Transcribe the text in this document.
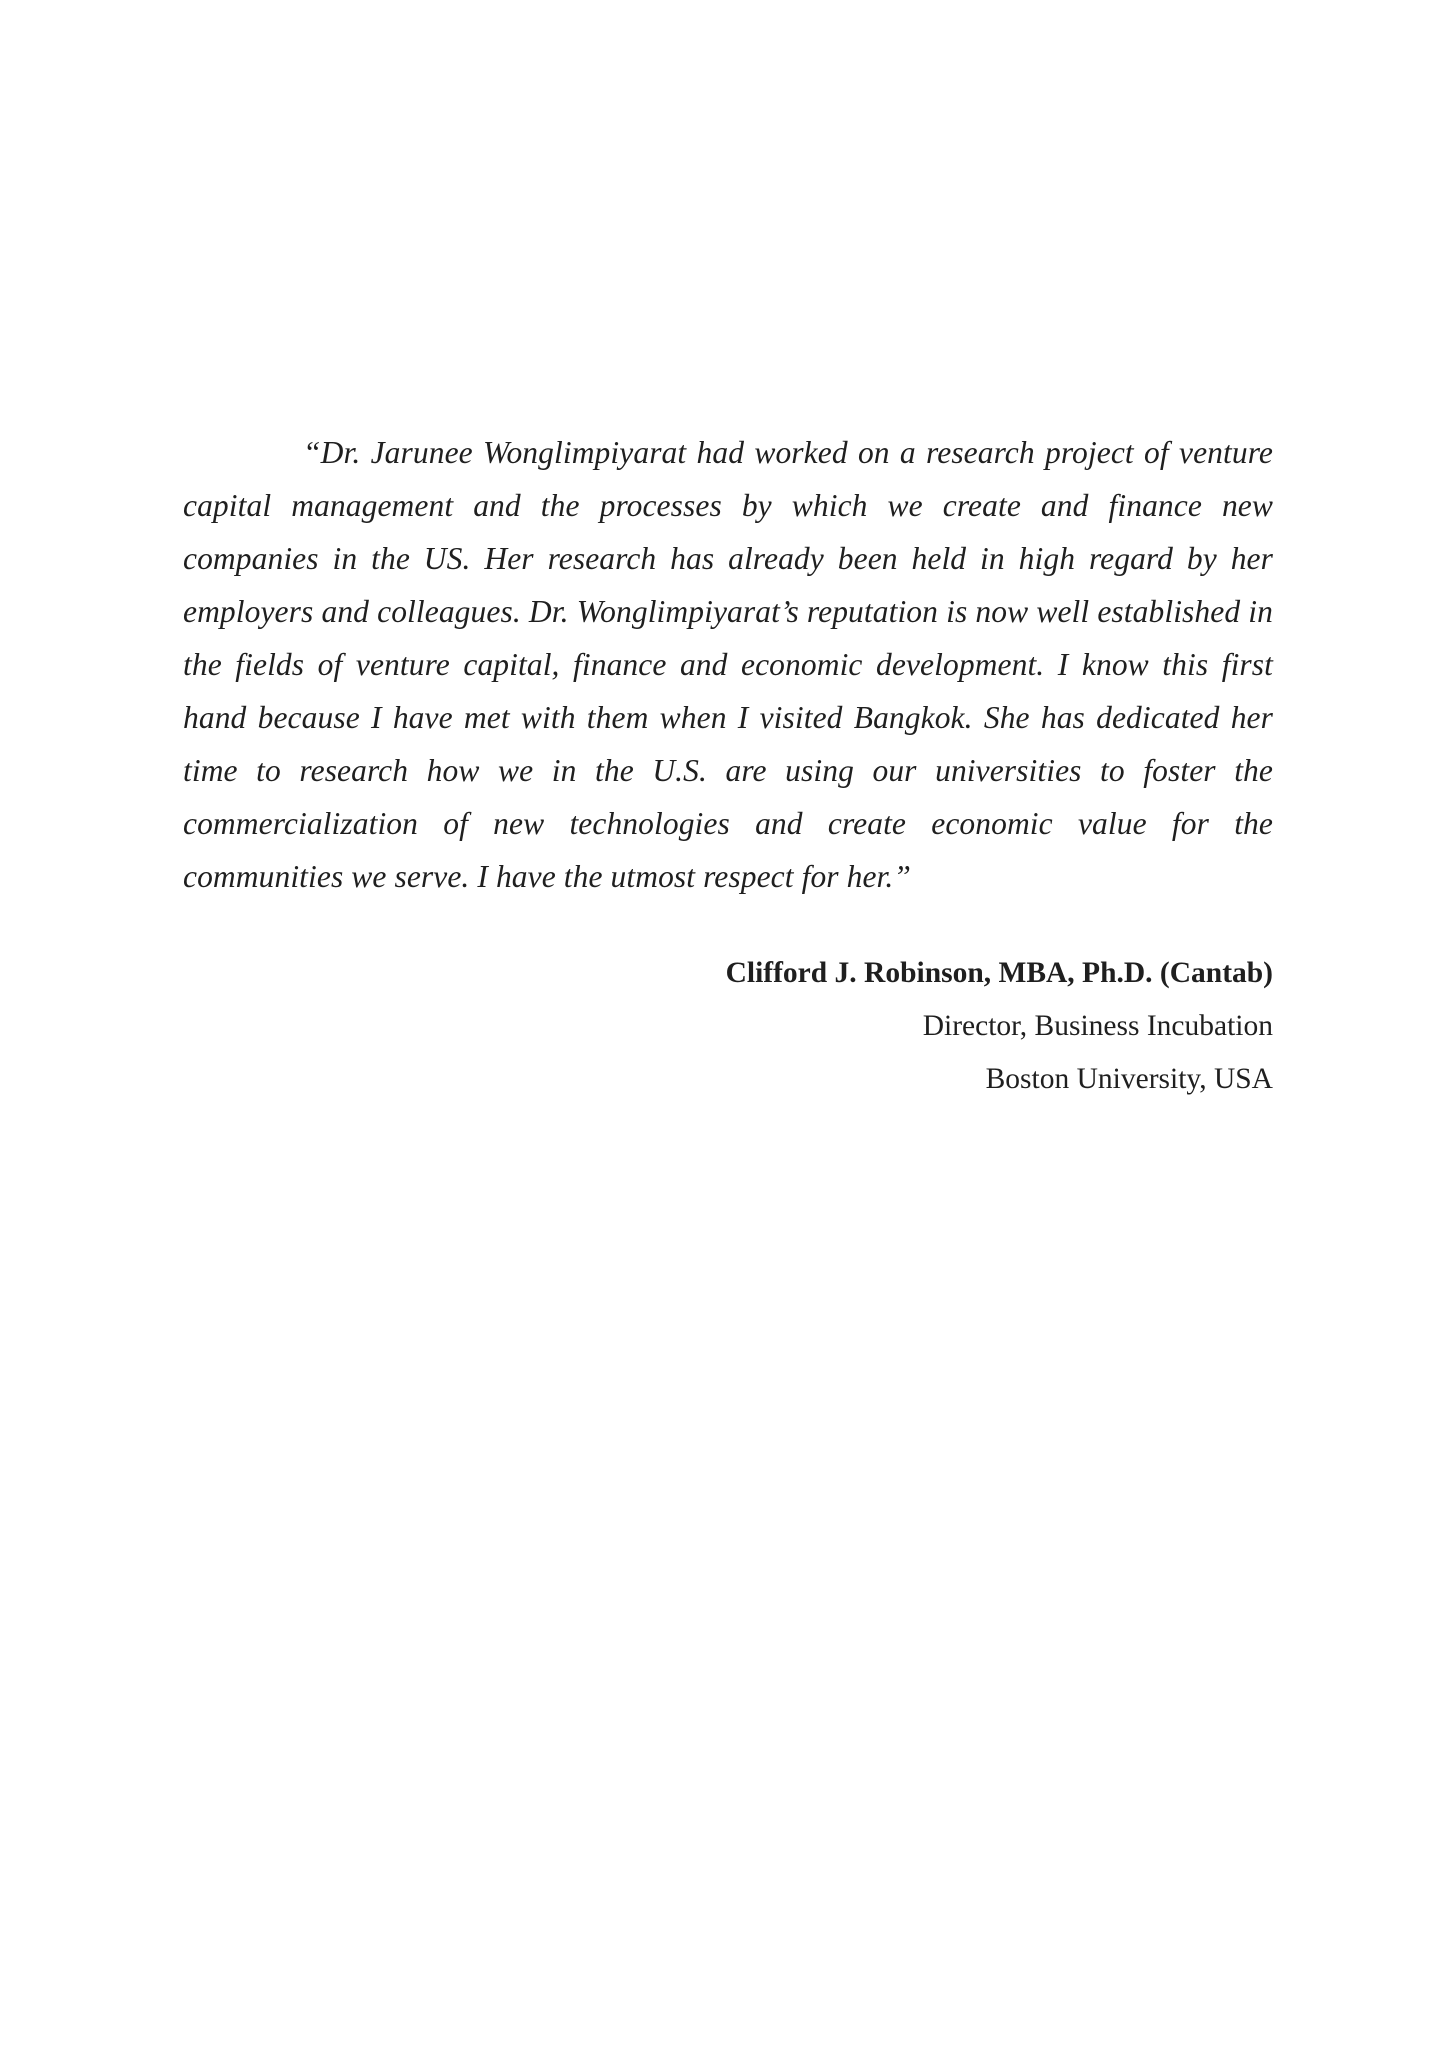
“Dr. Jarunee Wonglimpiyarat had worked on a research project of venture capital management and the processes by which we create and finance new companies in the US. Her research has already been held in high regard by her employers and colleagues. Dr. Wonglimpiyarat’s reputation is now well established in the fields of venture capital, finance and economic development. I know this first hand because I have met with them when I visited Bangkok. She has dedicated her time to research how we in the U.S. are using our universities to foster the commercialization of new technologies and create economic value for the communities we serve. I have the utmost respect for her.”

Clifford J. Robinson, MBA, Ph.D. (Cantab)
Director, Business Incubation
Boston University, USA
